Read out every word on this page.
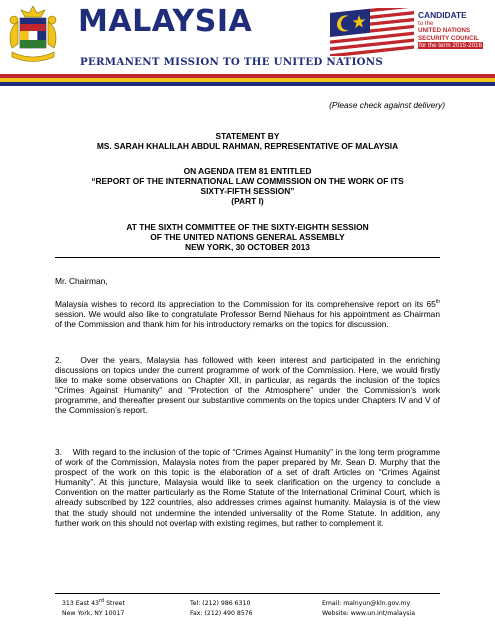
MALAYSIA
PERMANENT MISSION TO THE UNITED NATIONS
CANDIDATE
to the
UNITED NATIONS
SECURITY COUNCIL
for the term 2015-2016
(Please check against delivery)
STATEMENT BY
MS. SARAH KHALILAH ABDUL RAHMAN, REPRESENTATIVE OF MALAYSIA
ON AGENDA ITEM 81 ENTITLED
“REPORT OF THE INTERNATIONAL LAW COMMISSION ON THE WORK OF ITS
SIXTY-FIFTH SESSION”
(PART I)
AT THE SIXTH COMMITTEE OF THE SIXTY-EIGHTH SESSION
OF THE UNITED NATIONS GENERAL ASSEMBLY
NEW YORK, 30 OCTOBER 2013
Mr. Chairman,

Malaysia wishes to record its appreciation to the Commission for its comprehensive report on its 65th session. We would also like to congratulate Professor Bernd Niehaus for his appointment as Chairman of the Commission and thank him for his introductory remarks on the topics for discussion.

2.    Over the years, Malaysia has followed with keen interest and participated in the enriching discussions on topics under the current programme of work of the Commission. Here, we would firstly like to make some observations on Chapter XII, in particular, as regards the inclusion of the topics “Crimes Against Humanity” and “Protection of the Atmosphere” under the Commission’s work programme, and thereafter present our substantive comments on the topics under Chapters IV and V of the Commission’s report.

3.    With regard to the inclusion of the topic of “Crimes Against Humanity” in the long term programme of work of the Commission, Malaysia notes from the paper prepared by Mr. Sean D. Murphy that the prospect of the work on this topic is the elaboration of a set of draft Articles on “Crimes Against Humanity”. At this juncture, Malaysia would like to seek clarification on the urgency to conclude a Convention on the matter particularly as the Rome Statute of the International Criminal Court, which is already subscribed by 122 countries, also addresses crimes against humanity. Malaysia is of the view that the study should not undermine the intended universality of the Rome Statute. In addition, any further work on this should not overlap with existing regimes, but rather to complement it.

313 East 43rd Street
New York, NY 10017
Tel: (212) 986 6310
Fax: (212) 490 8576
Email: malnyun@kln.gov.my
Website: www.un.int/malaysia
